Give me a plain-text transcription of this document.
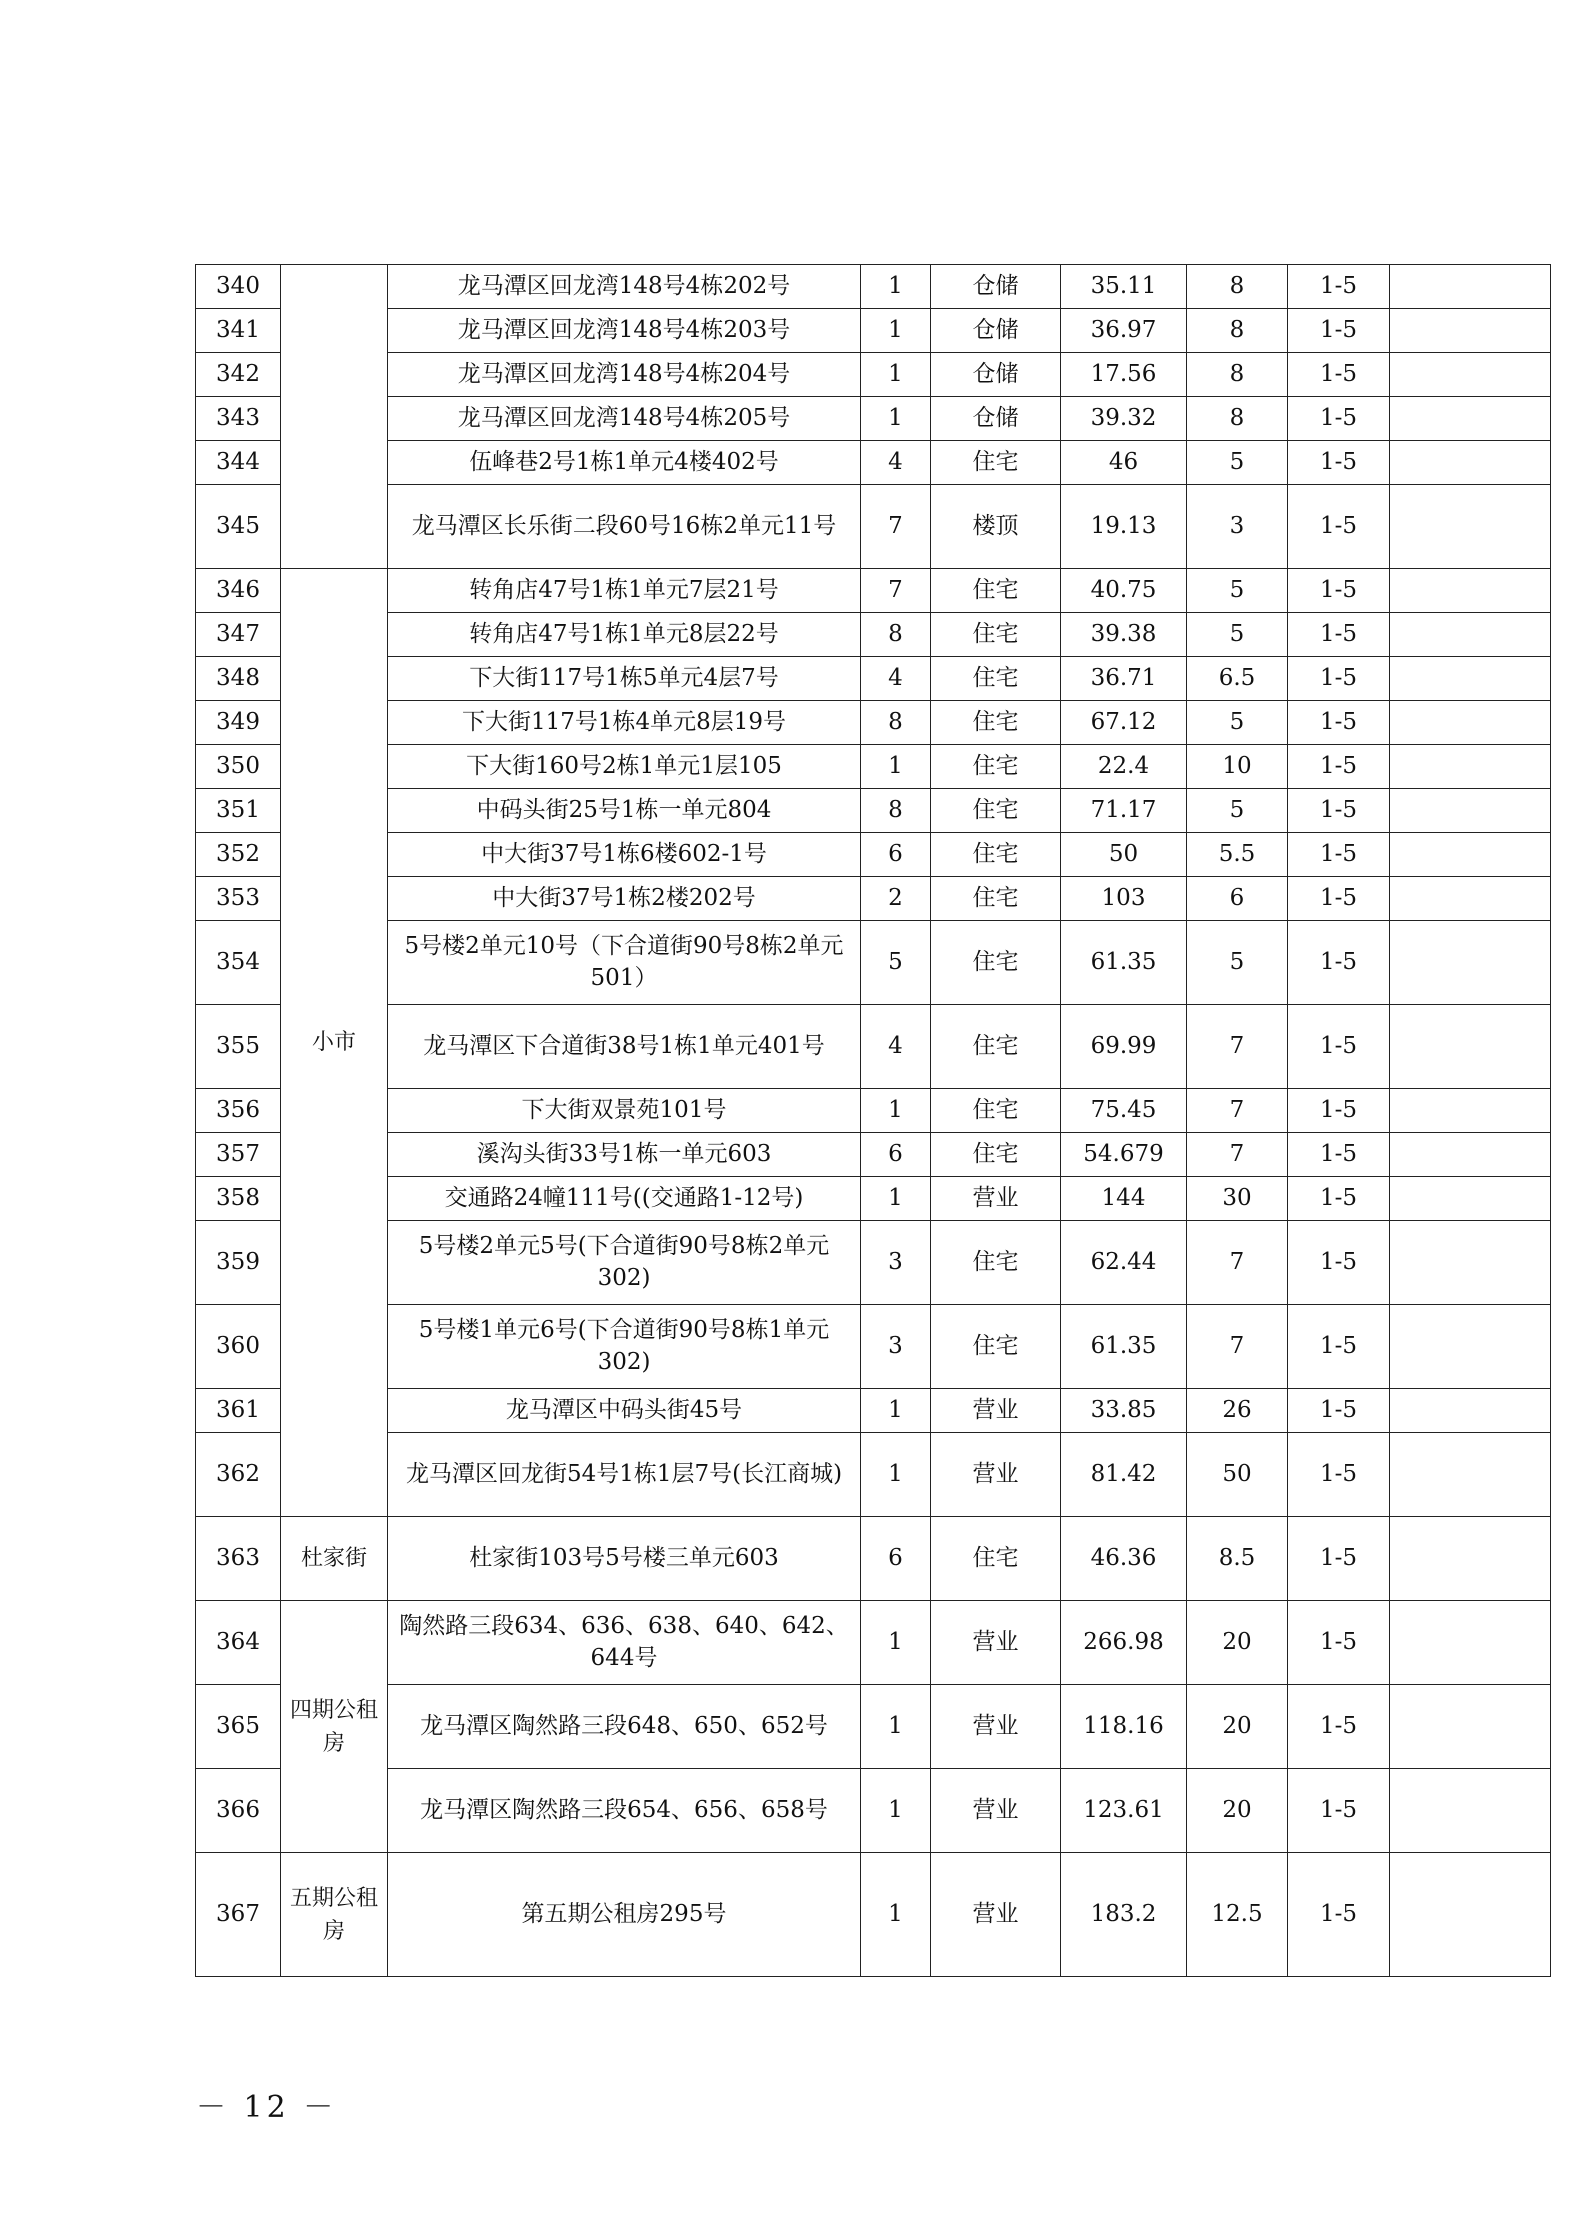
340		龙马潭区回龙湾148号4栋202号	1	仓储	35.11	8	1-5	
341		龙马潭区回龙湾148号4栋203号	1	仓储	36.97	8	1-5	
342		龙马潭区回龙湾148号4栋204号	1	仓储	17.56	8	1-5	
343		龙马潭区回龙湾148号4栋205号	1	仓储	39.32	8	1-5	
344		伍峰巷2号1栋1单元4楼402号	4	住宅	46	5	1-5	
345		龙马潭区长乐街二段60号16栋2单元11号	7	楼顶	19.13	3	1-5	
346	小市	转角店47号1栋1单元7层21号	7	住宅	40.75	5	1-5	
347		转角店47号1栋1单元8层22号	8	住宅	39.38	5	1-5	
348		下大街117号1栋5单元4层7号	4	住宅	36.71	6.5	1-5	
349		下大街117号1栋4单元8层19号	8	住宅	67.12	5	1-5	
350		下大街160号2栋1单元1层105	1	住宅	22.4	10	1-5	
351		中码头街25号1栋一单元804	8	住宅	71.17	5	1-5	
352		中大街37号1栋6楼602-1号	6	住宅	50	5.5	1-5	
353		中大街37号1栋2楼202号	2	住宅	103	6	1-5	
354		5号楼2单元10号（下合道街90号8栋2单元501）	5	住宅	61.35	5	1-5	
355		龙马潭区下合道街38号1栋1单元401号	4	住宅	69.99	7	1-5	
356		下大街双景苑101号	1	住宅	75.45	7	1-5	
357		溪沟头街33号1栋一单元603	6	住宅	54.679	7	1-5	
358		交通路24幢111号((交通路1-12号)	1	营业	144	30	1-5	
359		5号楼2单元5号(下合道街90号8栋2单元302)	3	住宅	62.44	7	1-5	
360		5号楼1单元6号(下合道街90号8栋1单元302)	3	住宅	61.35	7	1-5	
361		龙马潭区中码头街45号	1	营业	33.85	26	1-5	
362		龙马潭区回龙街54号1栋1层7号(长江商城)	1	营业	81.42	50	1-5	
363	杜家街	杜家街103号5号楼三单元603	6	住宅	46.36	8.5	1-5	
364	四期公租房	陶然路三段634、636、638、640、642、644号	1	营业	266.98	20	1-5	
365		龙马潭区陶然路三段648、650、652号	1	营业	118.16	20	1-5	
366		龙马潭区陶然路三段654、656、658号	1	营业	123.61	20	1-5	
367	五期公租房	第五期公租房295号	1	营业	183.2	12.5	1-5	
－ 12 －
